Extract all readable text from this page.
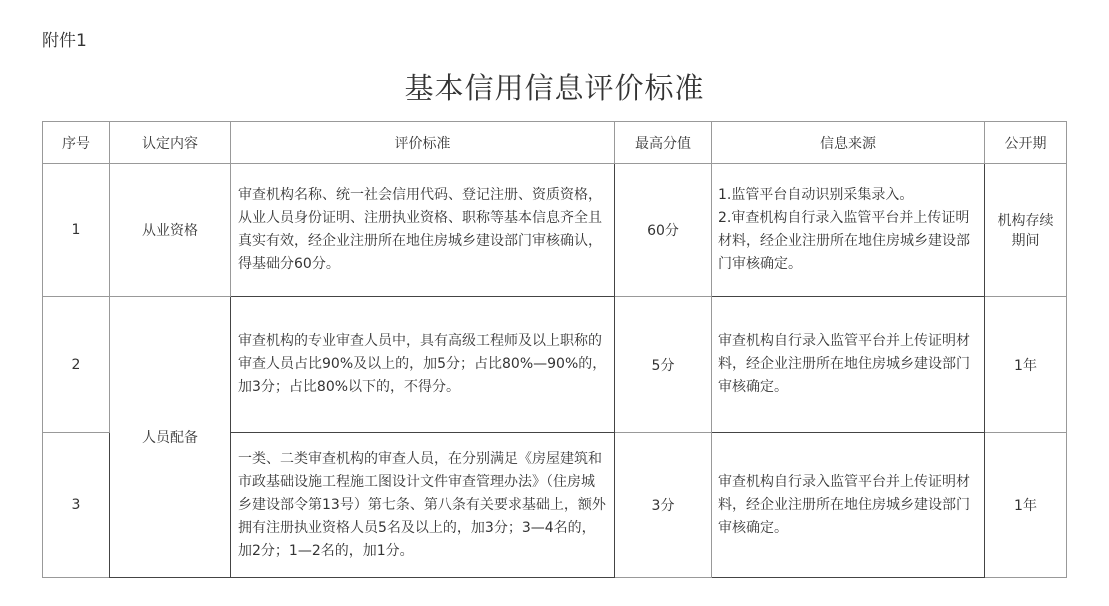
附件1
基本信用信息评价标准
序号	认定内容	评价标准	最高分值	信息来源	公开期
1	从业资格	审查机构名称、统一社会信用代码、登记注册、资质资格，从业人员身份证明、注册执业资格、职称等基本信息齐全且真实有效，经企业注册所在地住房城乡建设部门审核确认，得基础分60分。	60分	1.监管平台自动识别采集录入。
2.审查机构自行录入监管平台并上传证明材料，经企业注册所在地住房城乡建设部门审核确定。	机构存续期间
2	人员配备	审查机构的专业审查人员中，具有高级工程师及以上职称的审查人员占比90%及以上的，加5分；占比80%—90%的，加3分；占比80%以下的，不得分。	5分	审查机构自行录入监管平台并上传证明材料，经企业注册所在地住房城乡建设部门审核确定。	1年
3		一类、二类审查机构的审查人员，在分别满足《房屋建筑和市政基础设施工程施工图设计文件审查管理办法》（住房城乡建设部令第13号）第七条、第八条有关要求基础上，额外拥有注册执业资格人员5名及以上的，加3分；3—4名的，加2分；1—2名的，加1分。	3分	审查机构自行录入监管平台并上传证明材料，经企业注册所在地住房城乡建设部门审核确定。	1年
